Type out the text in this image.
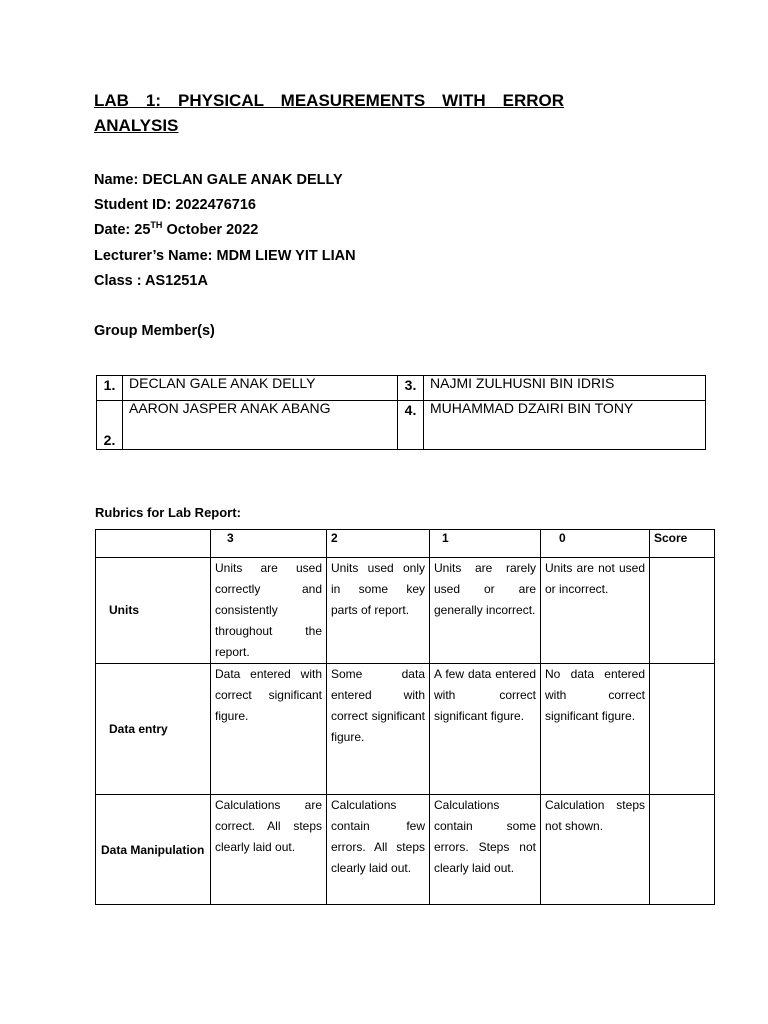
LAB 1: PHYSICAL MEASUREMENTS WITH ERROR
ANALYSIS
Name: DECLAN GALE ANAK DELLY
Student ID: 2022476716
Date: 25TH October 2022
Lecturer’s Name: MDM LIEW YIT LIAN
Class : AS1251A
Group Member(s)
1.	DECLAN GALE ANAK DELLY	3.	NAJMI ZULHUSNI BIN IDRIS
2.	AARON JASPER ANAK ABANG	4.	MUHAMMAD DZAIRI BIN TONY
Rubrics for Lab Report:
	3	2	1	0	Score
Units	Units are used correctly and consistently throughout the report.	Units used only in some key parts of report.	Units are rarely used or are generally incorrect.	Units are not used or incorrect.	
Data entry	Data entered with correct significant figure.	Some data entered with correct significant figure.	A few data entered with correct significant figure.	No data entered with correct significant figure.	
Data Manipulation	Calculations are correct. All steps clearly laid out.	Calculations contain few errors. All steps clearly laid out.	Calculations contain some errors. Steps not clearly laid out.	Calculation steps not shown.	
